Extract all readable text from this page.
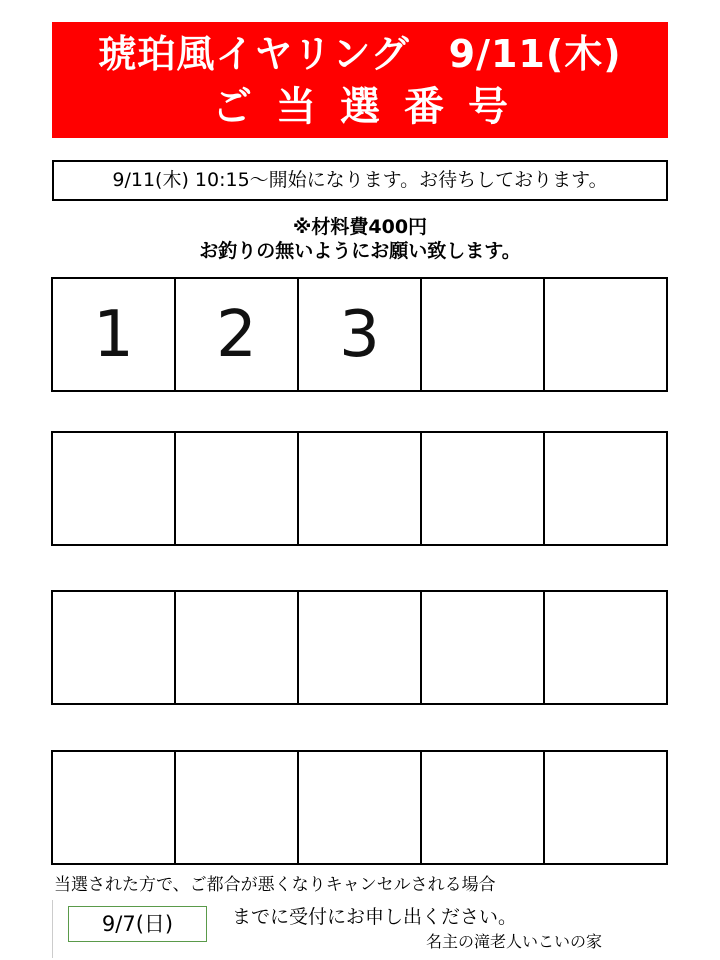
琥珀風イヤリング　9/11(木)
ご当選番号
9/11(木) 10:15～開始になります。お待ちしております。
※材料費400円
お釣りの無いようにお願い致します。
1	2	3
当選された方で、ご都合が悪くなりキャンセルされる場合
9/7(日)	までに受付にお申し出ください。
名主の滝老人いこいの家
